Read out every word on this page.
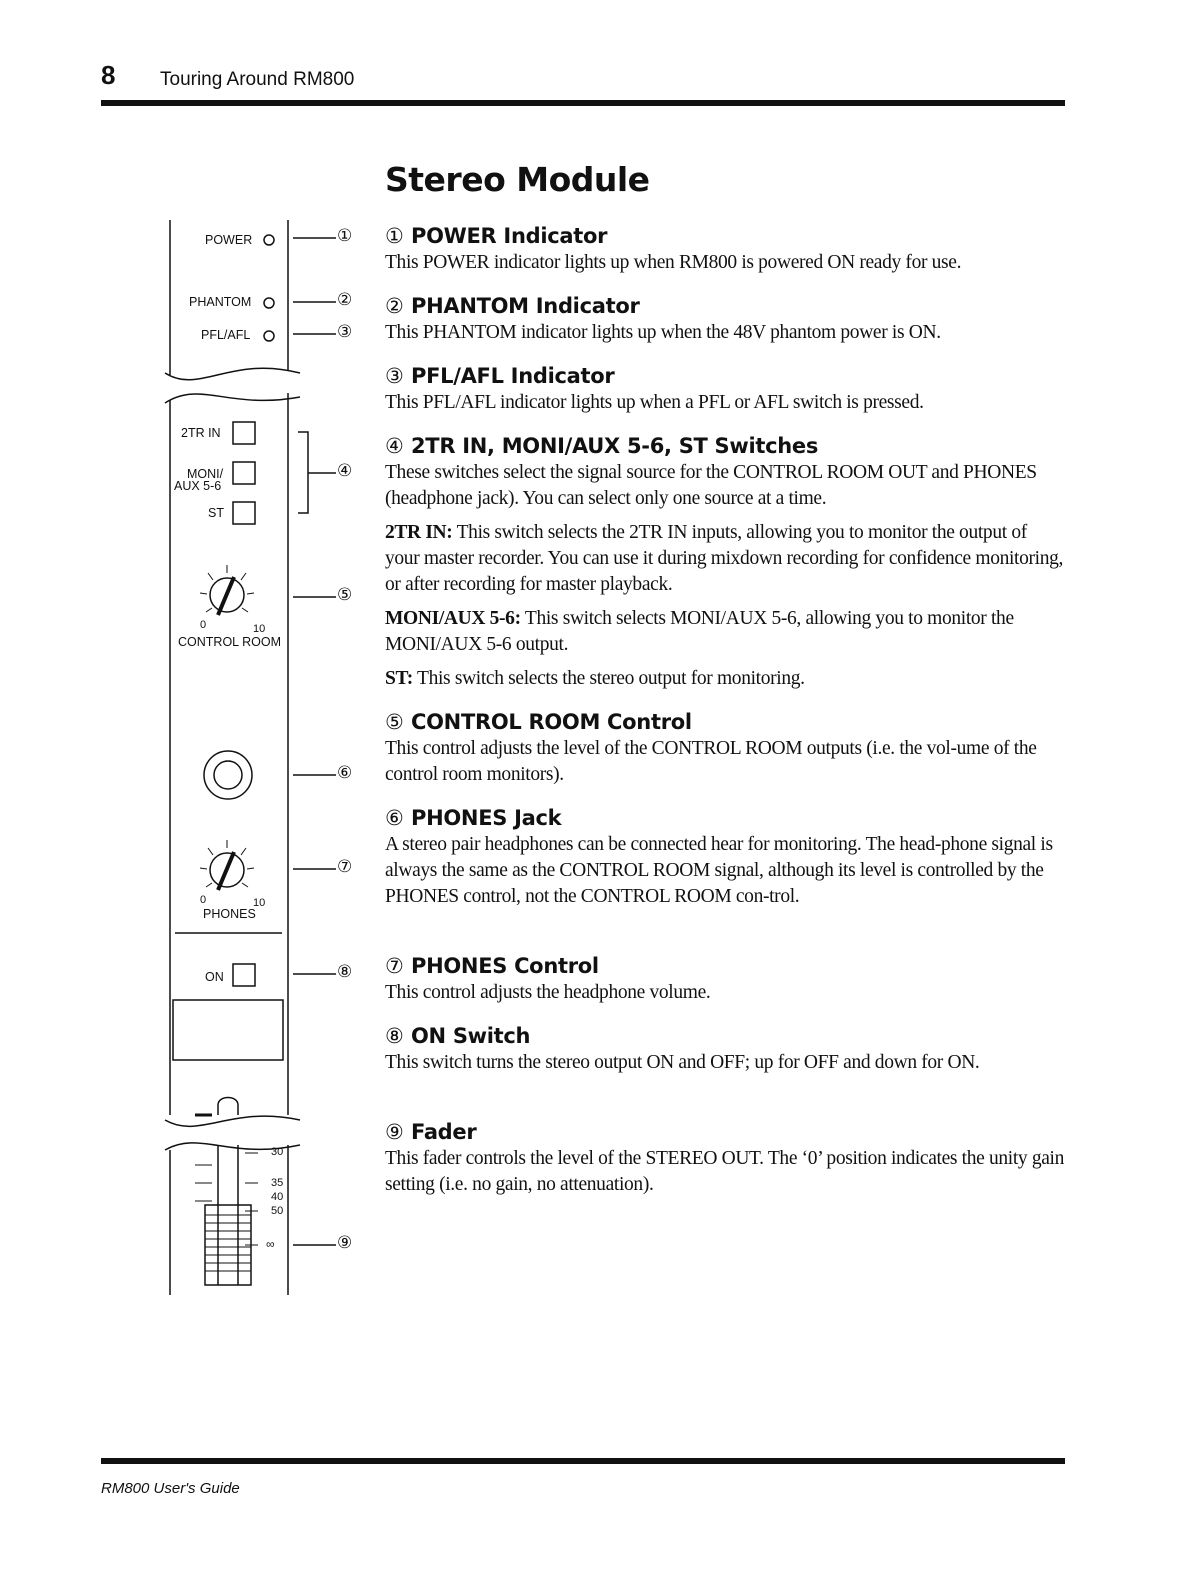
8 Touring Around RM800
Stereo Module
POWER
PHANTOM
PFL/AFL
2TR IN
MONI/
AUX 5-6
ST
0	10
CONTROL ROOM
0	10
PHONES
ON
30
35
40
50
∞
①
②
③
④
⑤
⑥
⑦
⑧
⑨
① POWER Indicator

This POWER indicator lights up when RM800 is powered ON ready for use.

② PHANTOM Indicator

This PHANTOM indicator lights up when the 48V phantom power is ON.

③ PFL/AFL Indicator

This PFL/AFL indicator lights up when a PFL or AFL switch is pressed.

④ 2TR IN, MONI/AUX 5-6, ST Switches

These switches select the signal source for the CONTROL ROOM OUT and PHONES (headphone jack). You can select only one source at a time.

2TR IN: This switch selects the 2TR IN inputs, allowing you to monitor the output of your master recorder. You can use it during mixdown recording for confidence monitoring, or after recording for master playback.

MONI/AUX 5-6: This switch selects MONI/AUX 5-6, allowing you to monitor the MONI/AUX 5-6 output.

ST: This switch selects the stereo output for monitoring.

⑤ CONTROL ROOM Control

This control adjusts the level of the CONTROL ROOM outputs (i.e. the vol-ume of the control room monitors).

⑥ PHONES Jack

A stereo pair headphones can be connected hear for monitoring. The head-phone signal is always the same as the CONTROL ROOM signal, although its level is controlled by the PHONES control, not the CONTROL ROOM con-trol.

⑦ PHONES Control

This control adjusts the headphone volume.

⑧ ON Switch

This switch turns the stereo output ON and OFF; up for OFF and down for ON.

⑨ Fader

This fader controls the level of the STEREO OUT. The ‘0’ position indicates the unity gain setting (i.e. no gain, no attenuation).

RM800 User's Guide
